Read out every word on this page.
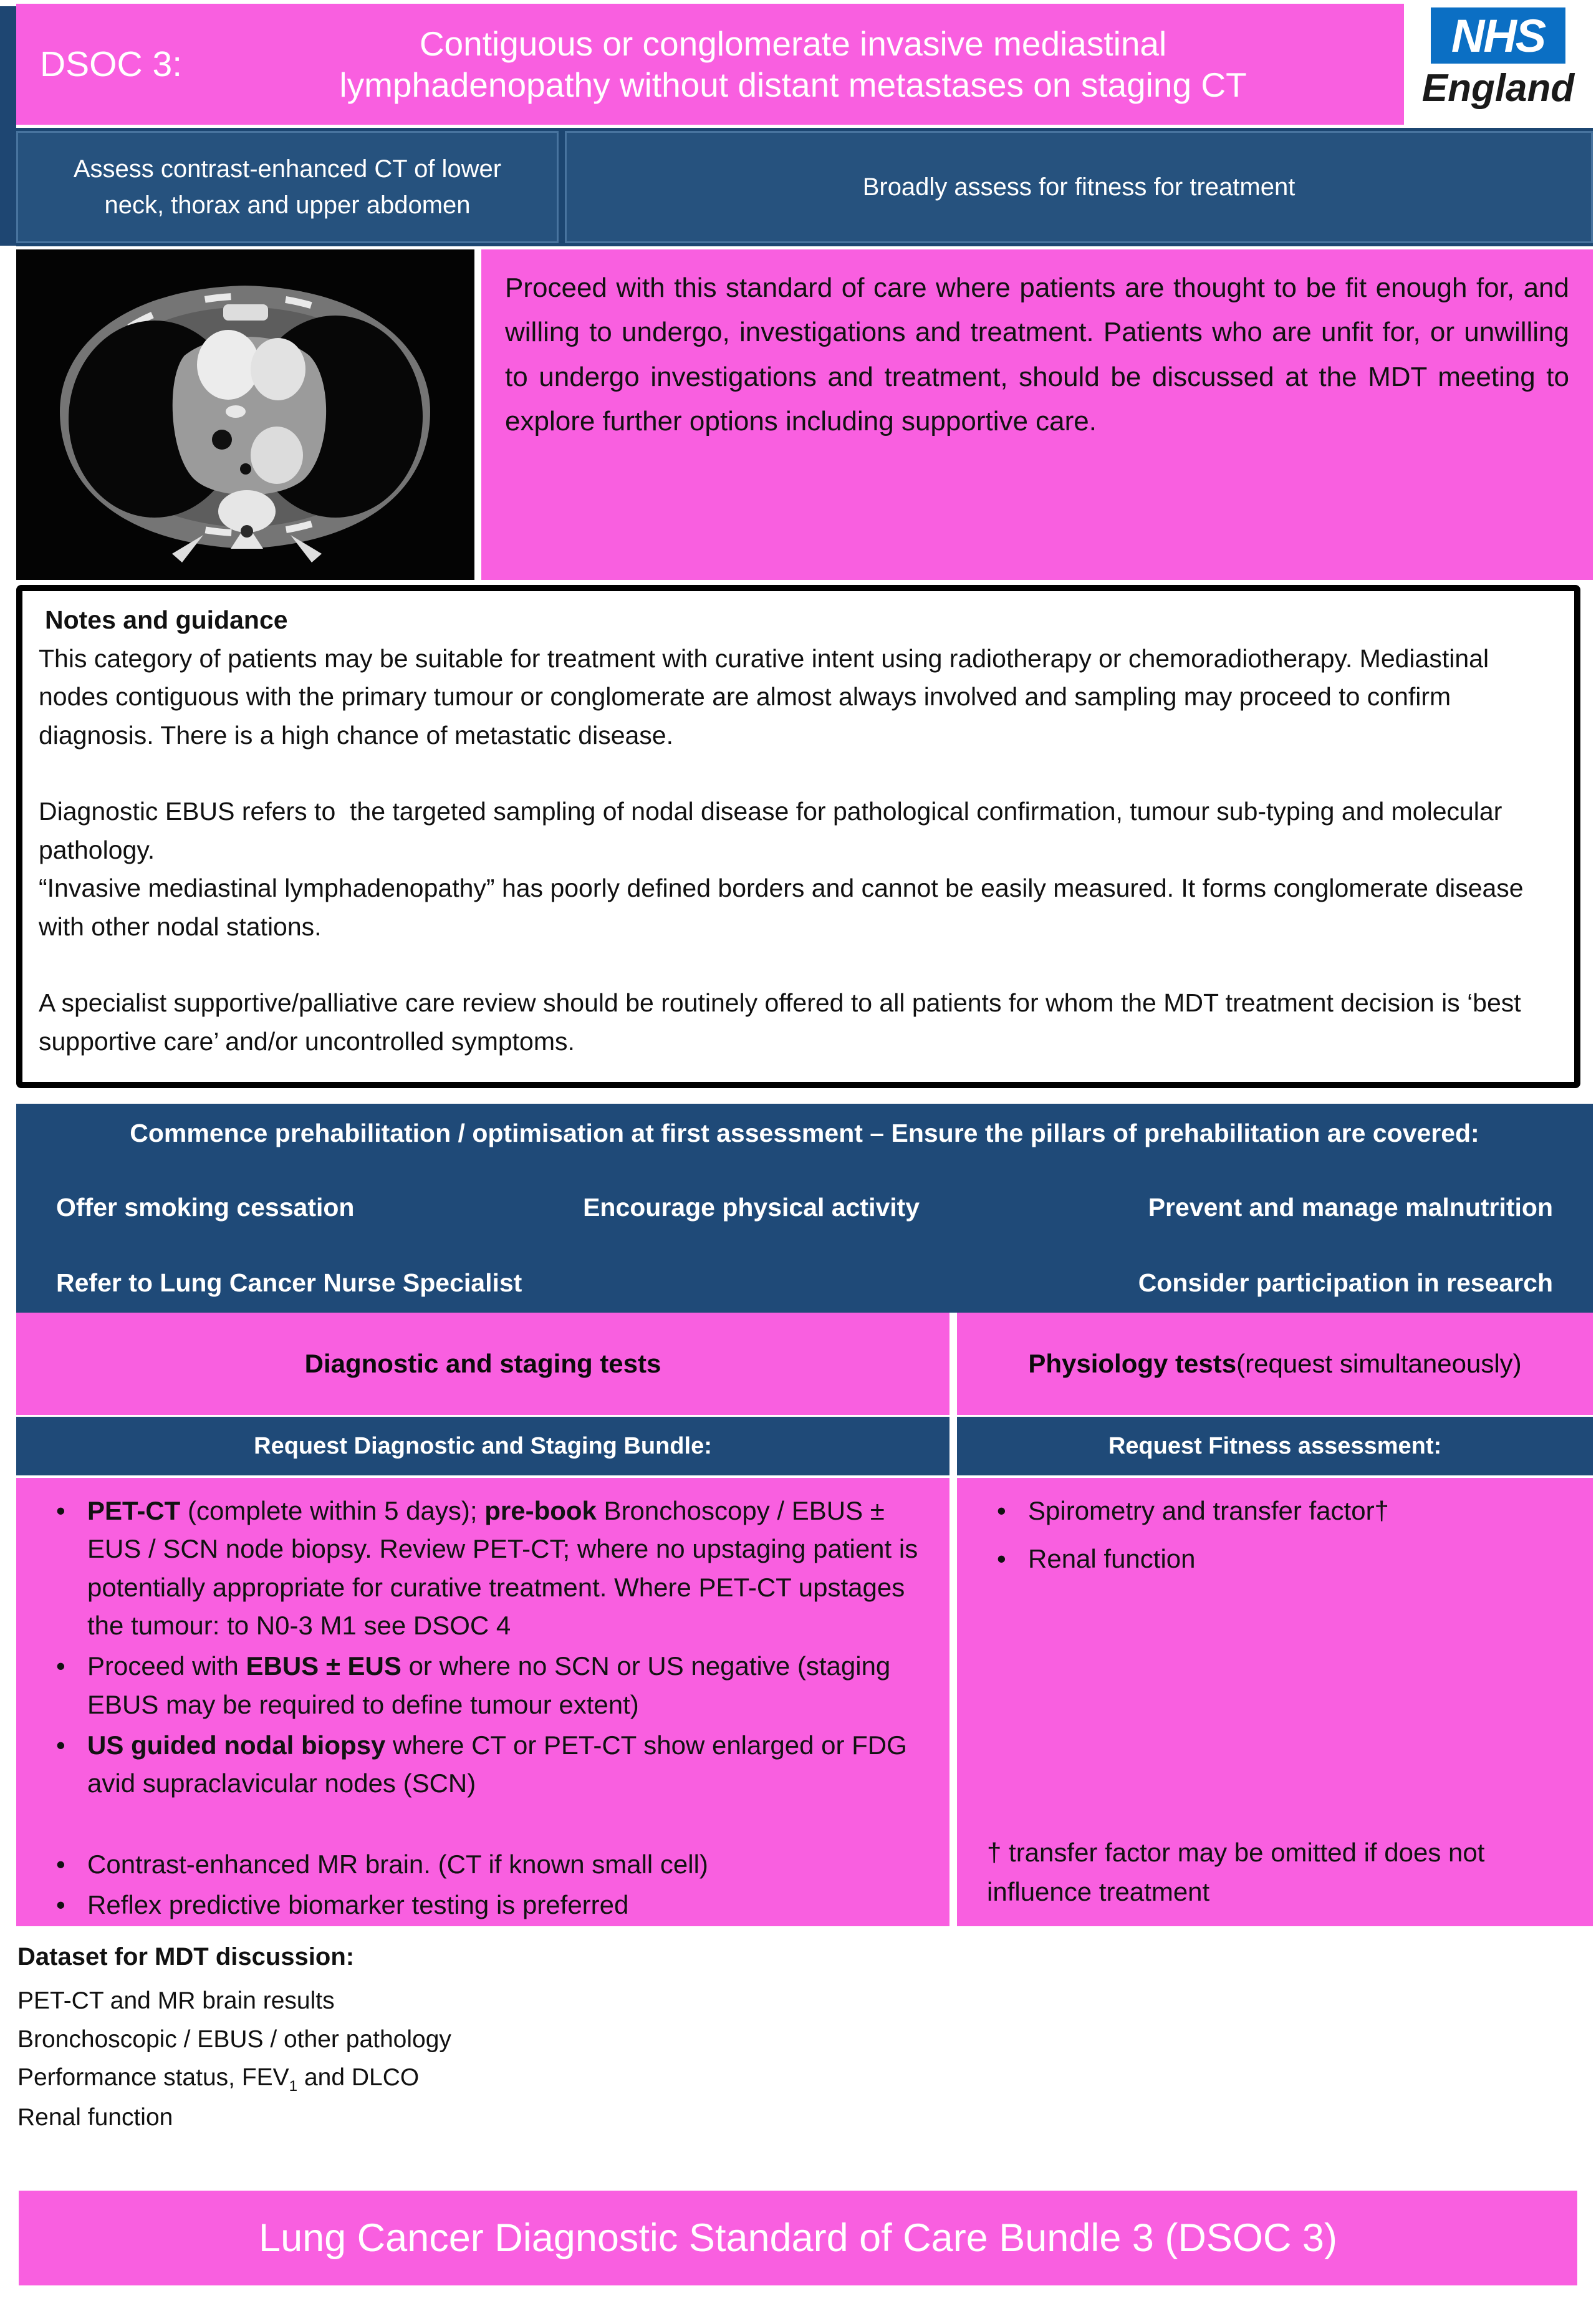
DSOC 3:
Contiguous or conglomerate invasive mediastinal lymphadenopathy without distant metastases on staging CT
NHS
England
Assess contrast-enhanced CT of lower neck, thorax and upper abdomen
Broadly assess for fitness for treatment
Proceed with this standard of care where patients are thought to be fit enough for, and willing to undergo, investigations and treatment. Patients who are unfit for, or unwilling to undergo investigations and treatment, should be discussed at the MDT meeting to explore further options including supportive care.
Notes and guidance
This category of patients may be suitable for treatment with curative intent using radiotherapy or chemoradiotherapy. Mediastinal nodes contiguous with the primary tumour or conglomerate are almost always involved and sampling may proceed to confirm diagnosis. There is a high chance of metastatic disease.
Diagnostic EBUS refers to  the targeted sampling of nodal disease for pathological confirmation, tumour sub-typing and molecular pathology.
“Invasive mediastinal lymphadenopathy” has poorly defined borders and cannot be easily measured. It forms conglomerate disease with other nodal stations.
A specialist supportive/palliative care review should be routinely offered to all patients for whom the MDT treatment decision is ‘best supportive care’ and/or uncontrolled symptoms.
Commence prehabilitation / optimisation at first assessment – Ensure the pillars of prehabilitation are covered:
Offer smoking cessation	Encourage physical activity	Prevent and manage malnutrition
Refer to Lung Cancer Nurse Specialist	Consider participation in research
Diagnostic and staging tests	Physiology tests (request simultaneously)
Request Diagnostic and Staging Bundle:	Request Fitness assessment:
• PET-CT (complete within 5 days); pre-book Bronchoscopy / EBUS ± EUS / SCN node biopsy. Review PET-CT; where no upstaging patient is potentially appropriate for curative treatment. Where PET-CT upstages the tumour: to N0-3 M1 see DSOC 4
• Proceed with EBUS ± EUS or where no SCN or US negative (staging EBUS may be required to define tumour extent)
• US guided nodal biopsy where CT or PET-CT show enlarged or FDG avid supraclavicular nodes (SCN)
• Contrast-enhanced MR brain. (CT if known small cell)
• Reflex predictive biomarker testing is preferred
• Spirometry and transfer factor†
• Renal function
† transfer factor may be omitted if does not influence treatment
Dataset for MDT discussion:
PET-CT and MR brain results
Bronchoscopic / EBUS / other pathology
Performance status, $FEV_1$ and DLCO
Renal function
Lung Cancer Diagnostic Standard of Care Bundle 3 (DSOC 3)
